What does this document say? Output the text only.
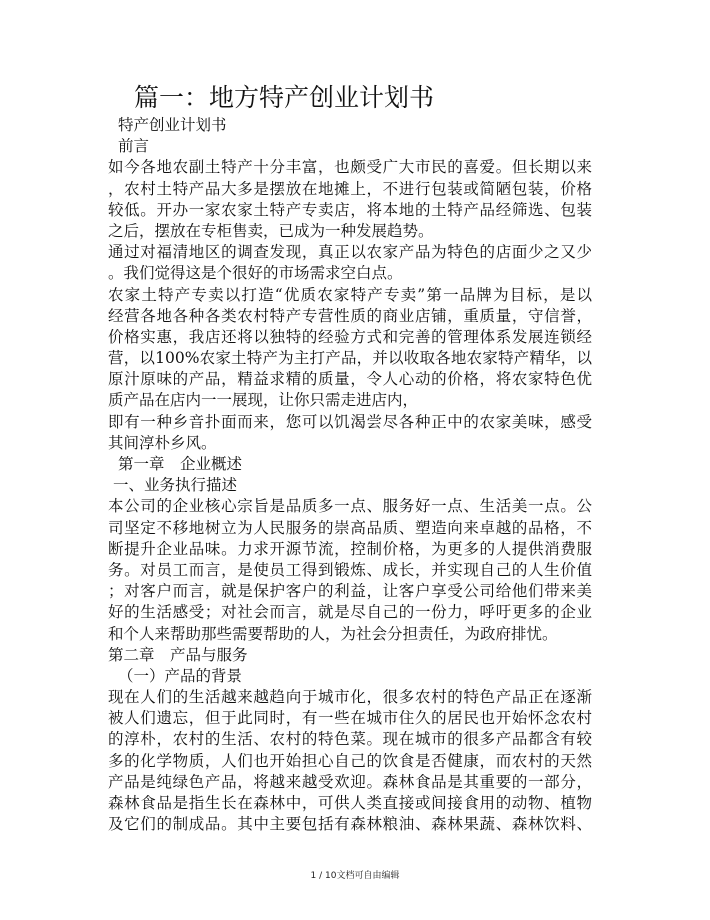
篇一：地方特产创业计划书
特产创业计划书
前言
如今各地农副土特产十分丰富，也颇受广大市民的喜爱。但长期以来
，农村土特产品大多是摆放在地摊上，不进行包装或简陋包装，价格
较低。开办一家农家土特产专卖店，将本地的土特产品经筛选、包装
之后，摆放在专柜售卖，已成为一种发展趋势。
通过对福清地区的调查发现，真正以农家产品为特色的店面少之又少
。我们觉得这是个很好的市场需求空白点。
农家土特产专卖以打造“优质农家特产专卖”第一品牌为目标，是以
经营各地各种各类农村特产专营性质的商业店铺，重质量，守信誉，
价格实惠，我店还将以独特的经验方式和完善的管理体系发展连锁经
营，以100%农家土特产为主打产品，并以收取各地农家特产精华，以
原汁原味的产品，精益求精的质量，令人心动的价格，将农家特色优
质产品在店内一一展现，让你只需走进店内，
即有一种乡音扑面而来，您可以饥渴尝尽各种正中的农家美味，感受
其间淳朴乡风。
第一章　企业概述
一、业务执行描述
本公司的企业核心宗旨是品质多一点、服务好一点、生活美一点。公
司坚定不移地树立为人民服务的崇高品质、塑造向来卓越的品格，不
断提升企业品味。力求开源节流，控制价格，为更多的人提供消费服
务。对员工而言，是使员工得到锻炼、成长，并实现自己的人生价值
；对客户而言，就是保护客户的利益，让客户享受公司给他们带来美
好的生活感受；对社会而言，就是尽自己的一份力，呼吁更多的企业
和个人来帮助那些需要帮助的人，为社会分担责任，为政府排忧。
第二章　产品与服务
（一）产品的背景
现在人们的生活越来越趋向于城市化，很多农村的特色产品正在逐渐
被人们遗忘，但于此同时，有一些在城市住久的居民也开始怀念农村
的淳朴，农村的生活、农村的特色菜。现在城市的很多产品都含有较
多的化学物质，人们也开始担心自己的饮食是否健康，而农村的天然
产品是纯绿色产品，将越来越受欢迎。森林食品是其重要的一部分，
森林食品是指生长在森林中，可供人类直接或间接食用的动物、植物
及它们的制成品。其中主要包括有森林粮油、森林果蔬、森林饮料、
1 / 10文档可自由编辑
